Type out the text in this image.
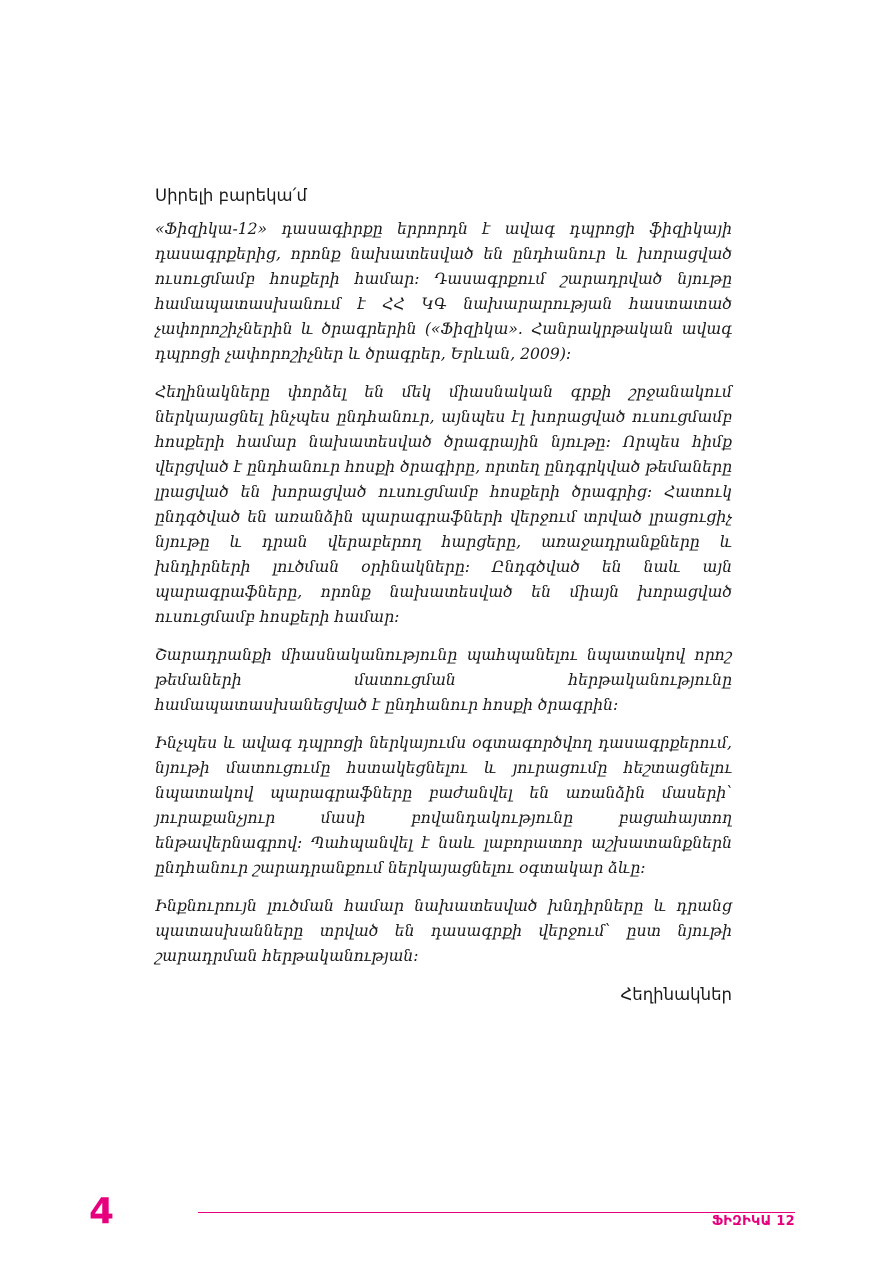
Սիրելի բարեկա՛մ

«Ֆիզիկա-12» դասագիրքը երրորդն է ավագ դպրոցի ֆիզիկայի դասագրքերից, որոնք նախատեսված են ընդհանուր և խորացված ուսուցմամբ հոսքերի համար: Դասագրքում շարադրված նյութը համապատասխանում է ՀՀ ԿԳ նախարարության հաստատած չափորոշիչներին և ծրագրերին («Ֆիզիկա». Հանրակրթական ավագ դպրոցի չափորոշիչներ և ծրագրեր, Երևան, 2009):

Հեղինակները փորձել են մեկ միասնական գրքի շրջանակում ներկայացնել ինչպես ընդհանուր, այնպես էլ խորացված ուսուցմամբ հոսքերի համար նախատեսված ծրագրային նյութը: Որպես հիմք վերցված է ընդհանուր հոսքի ծրագիրը, որտեղ ընդգրկված թեմաները լրացված են խորացված ուսուցմամբ հոսքերի ծրագրից: Հատուկ ընդգծված են առանձին պարագրաֆների վերջում տրված լրացուցիչ նյութը և դրան վերաբերող հարցերը, առաջադրանքները և խնդիրների լուծման օրինակները: Ընդգծված են նաև այն պարագրաֆները, որոնք նախատեսված են միայն խորացված ուսուցմամբ հոսքերի համար:

Շարադրանքի միասնականությունը պահպանելու նպատակով որոշ թեմաների մատուցման հերթականությունը համապատասխանեցված է ընդհանուր հոսքի ծրագրին:

Ինչպես և ավագ դպրոցի ներկայումս օգտագործվող դասագրքերում, նյութի մատուցումը հստակեցնելու և յուրացումը հեշտացնելու նպատակով պարագրաֆները բաժանվել են առանձին մասերի՝ յուրաքանչյուր մասի բովանդակությունը բացահայտող ենթավերնագրով: Պահպանվել է նաև լաբորատոր աշխատանքներն ընդհանուր շարադրանքում ներկայացնելու օգտակար ձևը:

Ինքնուրույն լուծման համար նախատեսված խնդիրները և դրանց պատասխանները տրված են դասագրքի վերջում՝ ըստ նյութի շարադրման հերթականության:

Հեղինակներ
4	ՖԻԶԻԿԱ 12
